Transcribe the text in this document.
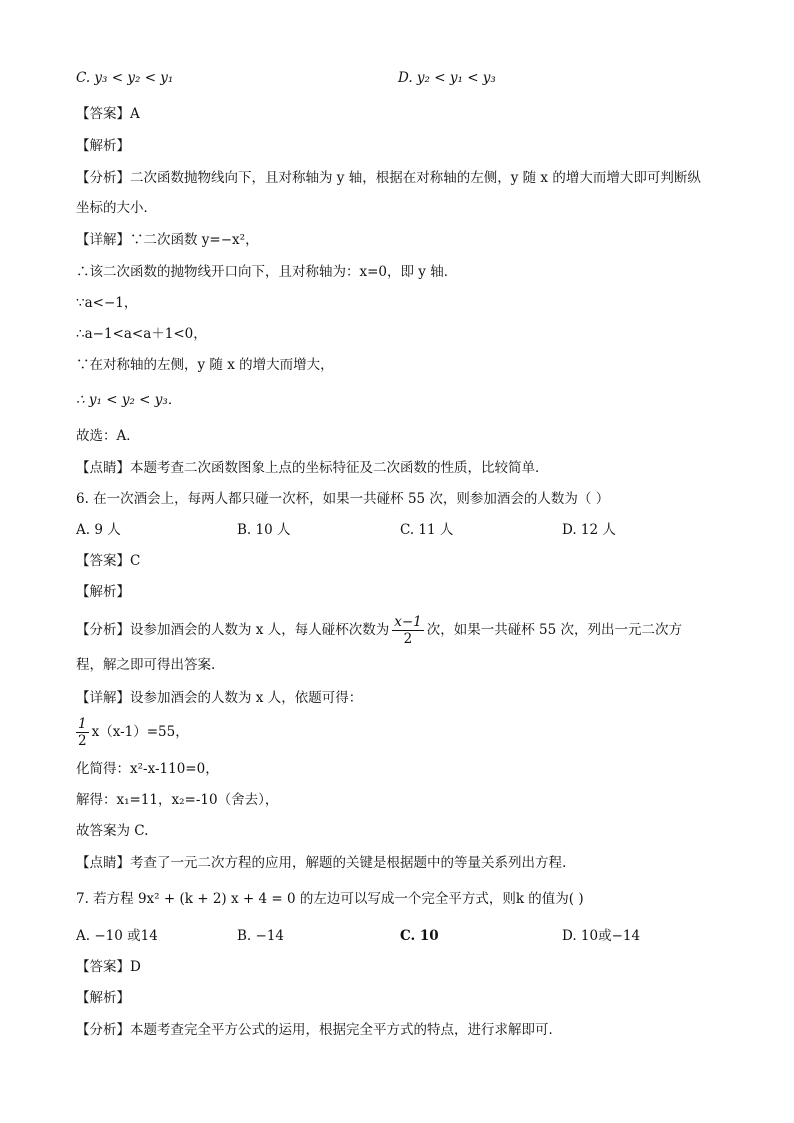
C. y₃ < y₂ < y₁	D. y₂ < y₁ < y₃
【答案】A
【解析】
【分析】二次函数抛物线向下，且对称轴为 y 轴，根据在对称轴的左侧，y 随 x 的增大而增大即可判断纵
坐标的大小．
【详解】∵二次函数 y=−x²，
∴该二次函数的抛物线开口向下，且对称轴为：x=0，即 y 轴．
∵a<−1，
∴a−1<a<a＋1<0，
∵在对称轴的左侧，y 随 x 的增大而增大，
∴ y₁ < y₂ < y₃．
故选：A．
【点睛】本题考查二次函数图象上点的坐标特征及二次函数的性质，比较简单．
6. 在一次酒会上，每两人都只碰一次杯，如果一共碰杯 55 次，则参加酒会的人数为（ ）
A. 9 人	B. 10 人	C. 11 人	D. 12 人
【答案】C
【解析】
【分析】设参加酒会的人数为 x 人，每人碰杯次数为 $\frac{x-1}{2}$ 次，如果一共碰杯 55 次，列出一元二次方
程，解之即可得出答案.
【详解】设参加酒会的人数为 x 人，依题可得：
$\frac{1}{2} x(x-1)=55$，
化简得：x²-x-110=0，
解得：x₁=11，x₂=-10（舍去），
故答案为 C.
【点睛】考查了一元二次方程的应用，解题的关键是根据题中的等量关系列出方程.
7. 若方程 9x² + (k + 2) x + 4 = 0 的左边可以写成一个完全平方式，则k 的值为( )
A. −10 或14	B. −14	C. 10	D. 10或−14
【答案】D
【解析】
【分析】本题考查完全平方公式的运用，根据完全平方式的特点，进行求解即可．
